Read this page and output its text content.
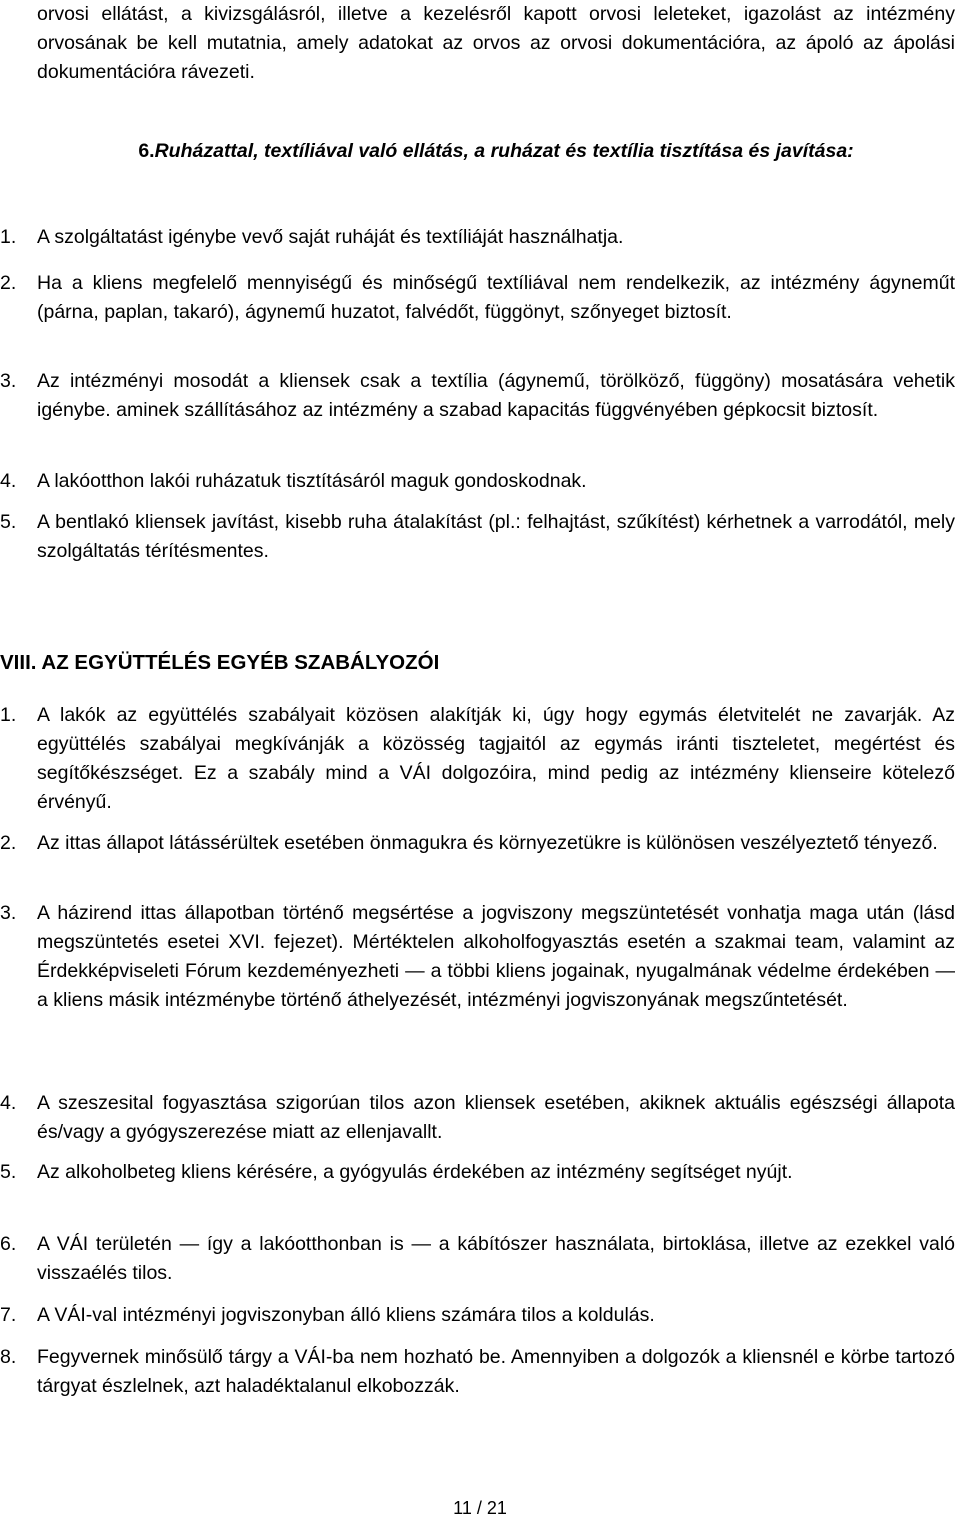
orvosi ellátást, a kivizsgálásról, illetve a kezelésről kapott orvosi leleteket, igazolást az intézmény orvosának be kell mutatnia, amely adatokat az orvos az orvosi dokumentációra, az ápoló az ápolási dokumentációra rávezeti.
6.Ruházattal, textíliával való ellátás, a ruházat és textília tisztítása és javítása:
1. A szolgáltatást igénybe vevő saját ruháját és textíliáját használhatja.
2. Ha a kliens megfelelő mennyiségű és minőségű textíliával nem rendelkezik, az intézmény ágyneműt (párna, paplan, takaró), ágynemű huzatot, falvédőt, függönyt, szőnyeget biztosít.
3. Az intézményi mosodát a kliensek csak a textília (ágynemű, törölköző, függöny) mosatására vehetik igénybe. aminek szállításához az intézmény a szabad kapacitás függvényében gépkocsit biztosít.
4. A lakóotthon lakói ruházatuk tisztításáról maguk gondoskodnak.
5. A bentlakó kliensek javítást, kisebb ruha átalakítást (pl.: felhajtást, szűkítést) kérhetnek a varrodától, mely szolgáltatás térítésmentes.
VIII. AZ EGYÜTTÉLÉS EGYÉB SZABÁLYOZÓI
1. A lakók az együttélés szabályait közösen alakítják ki, úgy hogy egymás életvitelét ne zavarják. Az együttélés szabályai megkívánják a közösség tagjaitól az egymás iránti tiszteletet, megértést és segítőkészséget. Ez a szabály mind a VÁI dolgozóira, mind pedig az intézmény klienseire kötelező érvényű.
2. Az ittas állapot látássérültek esetében önmagukra és környezetükre is különösen veszélyeztető tényező.
3. A házirend ittas állapotban történő megsértése a jogviszony megszüntetését vonhatja maga után (lásd megszüntetés esetei XVI. fejezet). Mértéktelen alkoholfogyasztás esetén a szakmai team, valamint az Érdekképviseleti Fórum kezdeményezheti — a többi kliens jogainak, nyugalmának védelme érdekében — a kliens másik intézménybe történő áthelyezését, intézményi jogviszonyának megszűntetését.
4. A szeszesital fogyasztása szigorúan tilos azon kliensek esetében, akiknek aktuális egészségi állapota és/vagy a gyógyszerezése miatt az ellenjavallt.
5. Az alkoholbeteg kliens kérésére, a gyógyulás érdekében az intézmény segítséget nyújt.
6. A VÁI területén — így a lakóotthonban is — a kábítószer használata, birtoklása, illetve az ezekkel való visszaélés tilos.
7. A VÁI-val intézményi jogviszonyban álló kliens számára tilos a koldulás.
8. Fegyvernek minősülő tárgy a VÁI-ba nem hozható be. Amennyiben a dolgozók a kliensnél e körbe tartozó tárgyat észlelnek, azt haladéktalanul elkobozzák.
11 / 21
